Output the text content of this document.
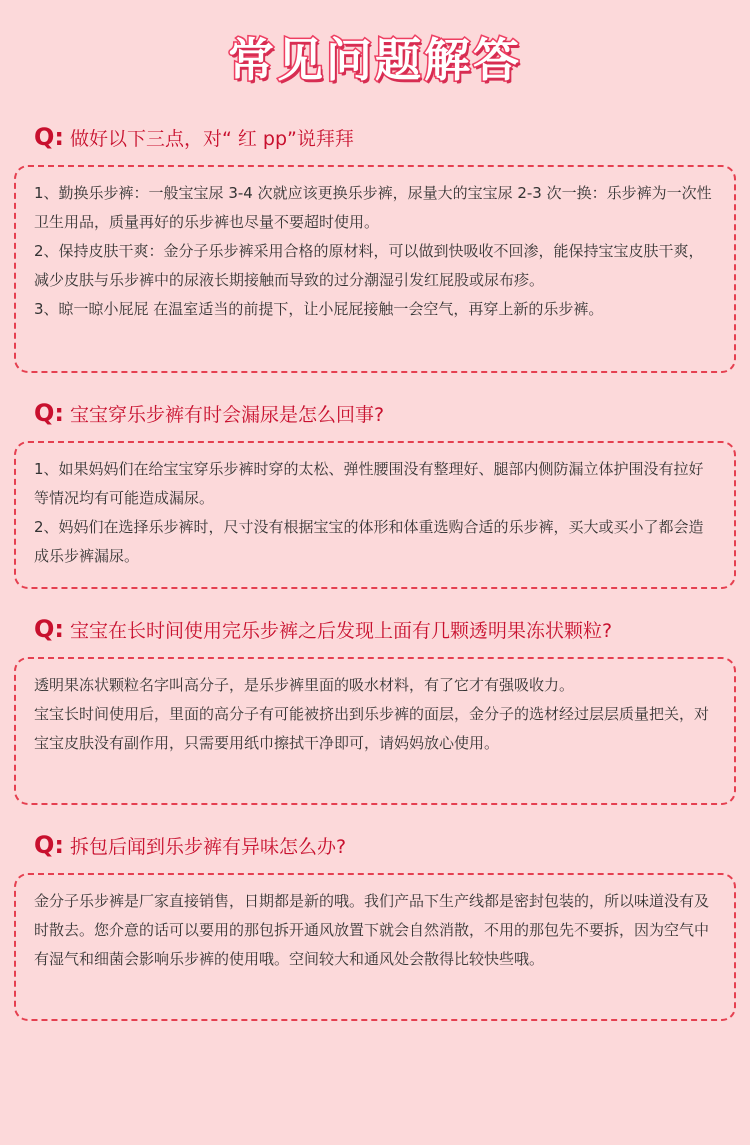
常见问题解答
Q: 做好以下三点，对“ 红 pp”说拜拜
1、勤换乐步裤：一般宝宝尿 3-4 次就应该更换乐步裤，尿量大的宝宝尿 2-3 次一换：乐步裤为一次性卫生用品，质量再好的乐步裤也尽量不要超时使用。
2、保持皮肤干爽：金分子乐步裤采用合格的原材料，可以做到快吸收不回渗，能保持宝宝皮肤干爽，减少皮肤与乐步裤中的尿液长期接触而导致的过分潮湿引发红屁股或尿布疹。
3、晾一晾小屁屁 在温室适当的前提下，让小屁屁接触一会空气，再穿上新的乐步裤。
Q: 宝宝穿乐步裤有时会漏尿是怎么回事?
1、如果妈妈们在给宝宝穿乐步裤时穿的太松、弹性腰围没有整理好、腿部内侧防漏立体护围没有拉好等情况均有可能造成漏尿。
2、妈妈们在选择乐步裤时，尺寸没有根据宝宝的体形和体重选购合适的乐步裤，买大或买小了都会造成乐步裤漏尿。
Q: 宝宝在长时间使用完乐步裤之后发现上面有几颗透明果冻状颗粒?
透明果冻状颗粒名字叫高分子，是乐步裤里面的吸水材料，有了它才有强吸收力。
宝宝长时间使用后，里面的高分子有可能被挤出到乐步裤的面层，金分子的选材经过层层质量把关，对宝宝皮肤没有副作用，只需要用纸巾擦拭干净即可，请妈妈放心使用。
Q: 拆包后闻到乐步裤有异味怎么办?
金分子乐步裤是厂家直接销售，日期都是新的哦。我们产品下生产线都是密封包装的，所以味道没有及时散去。您介意的话可以要用的那包拆开通风放置下就会自然消散，不用的那包先不要拆，因为空气中有湿气和细菌会影响乐步裤的使用哦。空间较大和通风处会散得比较快些哦。
